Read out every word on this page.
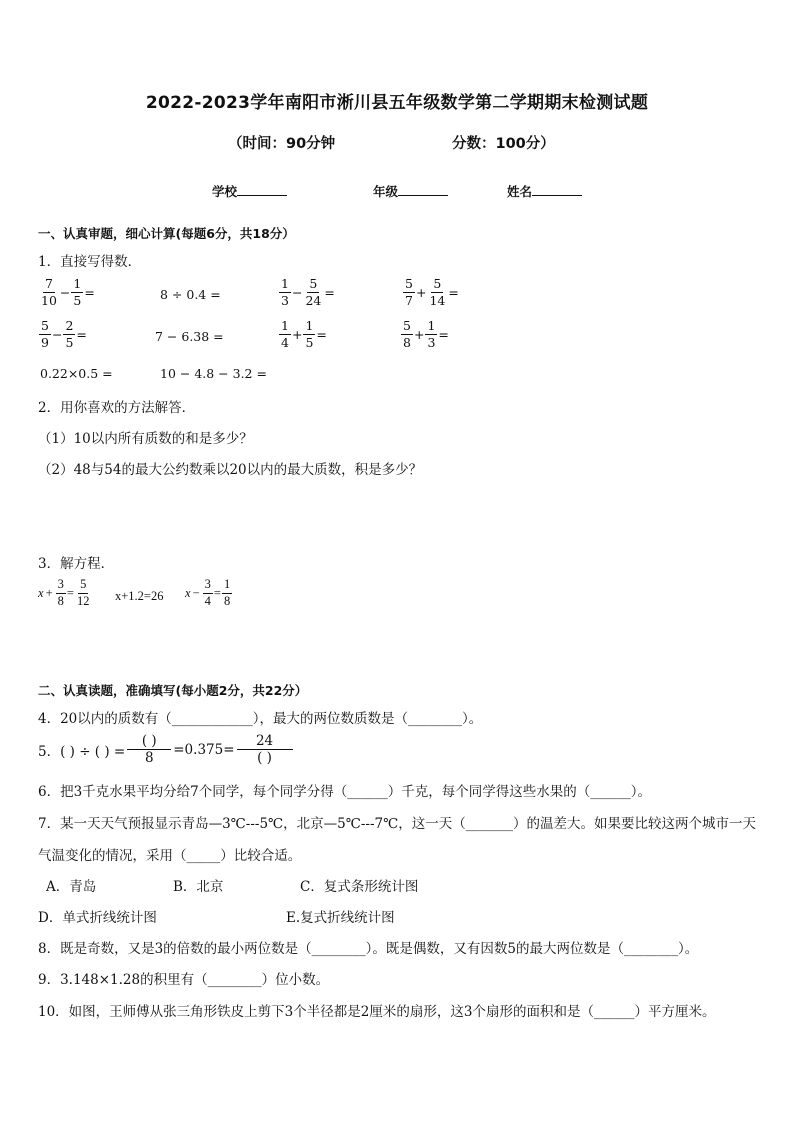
2022-2023学年南阳市淅川县五年级数学第二学期期末检测试题
（时间：90分钟	分数：100分）
学校	年级	姓名
一、认真审题，细心计算(每题6分，共18分）
1．直接写得数．
$\frac{7}{10} - \frac{1}{5}$ =	8 ÷ 0.4 =	$\frac{1}{3} - \frac{5}{24}$ =	$\frac{5}{7} + \frac{5}{14}$ =
$\frac{5}{9} - \frac{2}{5}$ =	7 − 6.38 =	$\frac{1}{4} + \frac{1}{5}$ =	$\frac{5}{8} + \frac{1}{3}$ =
0.22×0.5 =	10 − 4.8 − 3.2 =
2．用你喜欢的方法解答．
（1）10以内所有质数的和是多少？
（2）48与54的最大公约数乘以20以内的最大质数，积是多少？
3．解方程．
$x + \frac{3}{8} = \frac{5}{12} x+1.2=26$ $x - \frac{3}{4} = \frac{1}{8}$
二、认真读题，准确填写(每小题2分，共22分）
4．20以内的质数有（____________），最大的两位数质数是（________）。
5．( ) ÷ ( ) = $\frac{( )}{8} =0.375= \frac{24}{( )}$
6．把3千克水果平均分给7个同学，每个同学分得（______）千克，每个同学得这些水果的（______）。
7．某一天天气预报显示青岛—3℃---5℃，北京—5℃---7℃，这一天（_______）的温差大。如果要比较这两个城市一天
气温变化的情况，采用（_____）比较合适。
A．青岛	B．北京	C．复式条形统计图
D．单式折线统计图	E.复式折线统计图
8．既是奇数，又是3的倍数的最小两位数是（________）。既是偶数，又有因数5的最大两位数是（________）。
9．3.148×1.28的积里有（________）位小数。
10．如图，王师傅从张三角形铁皮上剪下3个半径都是2厘米的扇形，这3个扇形的面积和是（______）平方厘米。
